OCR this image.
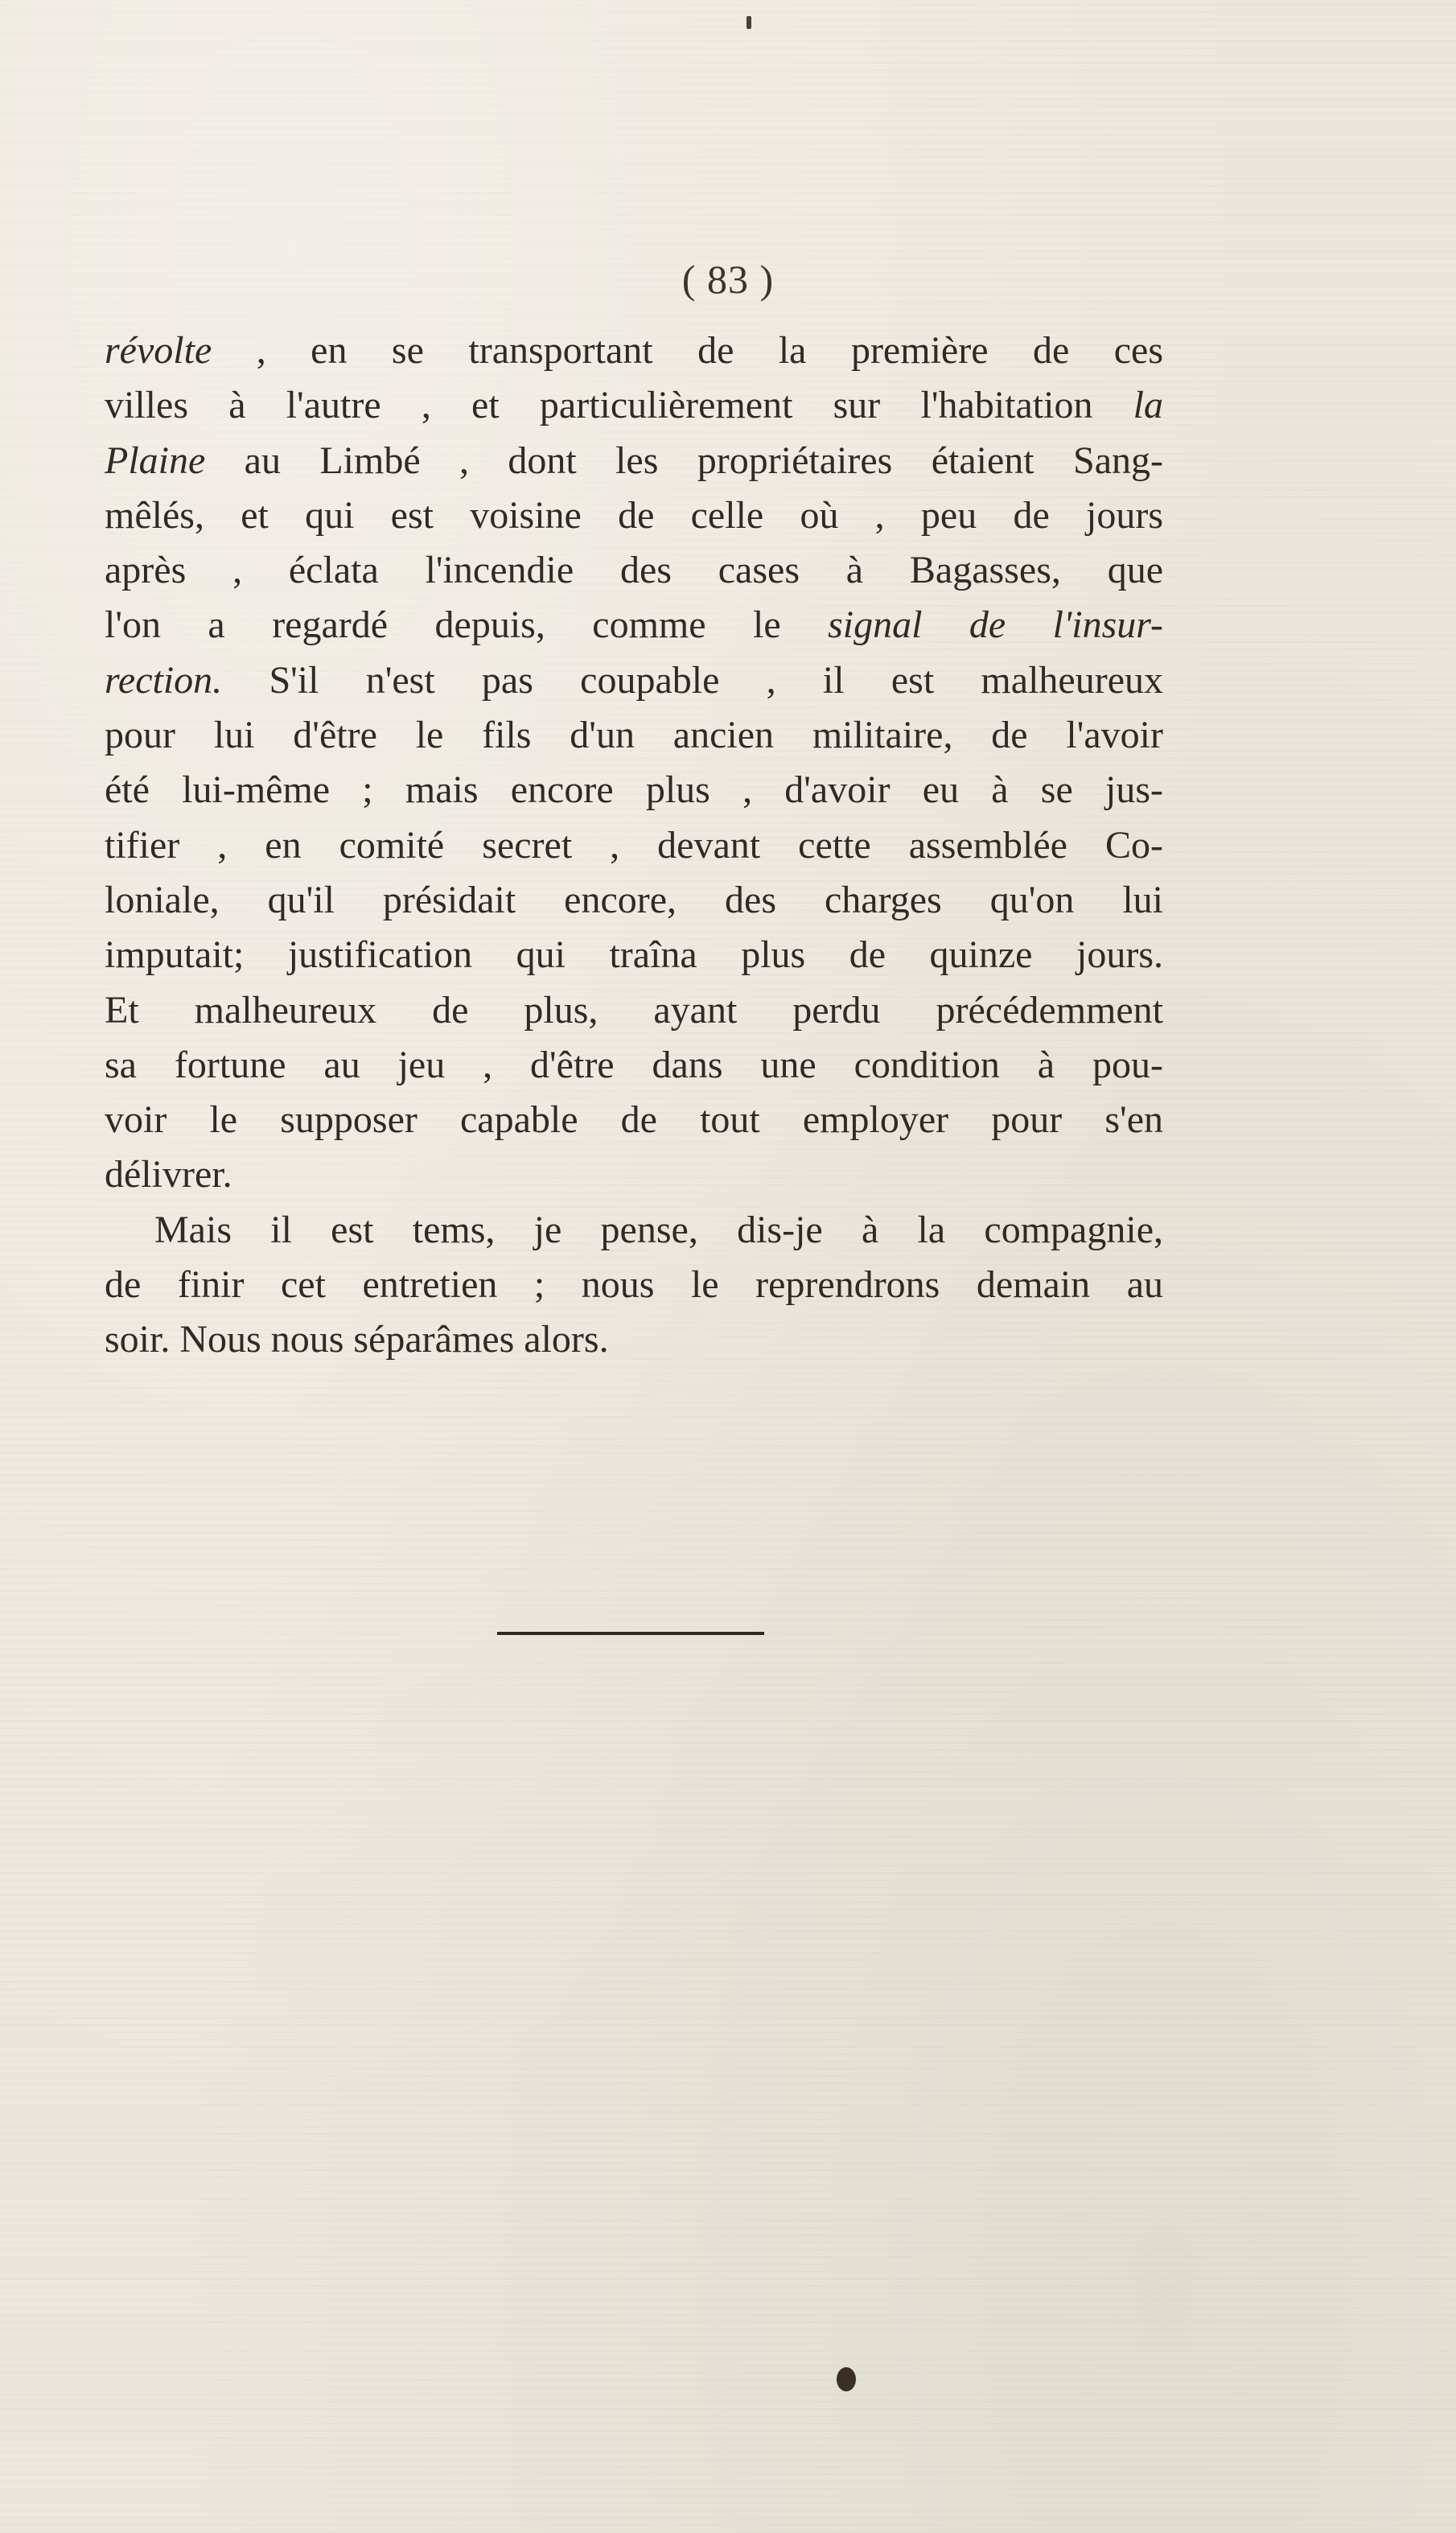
( 83 )
révolte , en se transportant de la première de ces
villes à l'autre , et particulièrement sur l'habitation la
Plaine au Limbé , dont les propriétaires étaient Sang-
mêlés, et qui est voisine de celle où , peu de jours
après , éclata l'incendie des cases à Bagasses, que
l'on a regardé depuis, comme le signal de l'insur-
rection. S'il n'est pas coupable , il est malheureux
pour lui d'être le fils d'un ancien militaire, de l'avoir
été lui-même ; mais encore plus , d'avoir eu à se jus-
tifier , en comité secret , devant cette assemblée Co-
loniale, qu'il présidait encore, des charges qu'on lui
imputait; justification qui traîna plus de quinze jours.
Et malheureux de plus, ayant perdu précédemment
sa fortune au jeu , d'être dans une condition à pou-
voir le supposer capable de tout employer pour s'en
délivrer.
Mais il est tems, je pense, dis-je à la compagnie,
de finir cet entretien ; nous le reprendrons demain au
soir. Nous nous séparâmes alors.
